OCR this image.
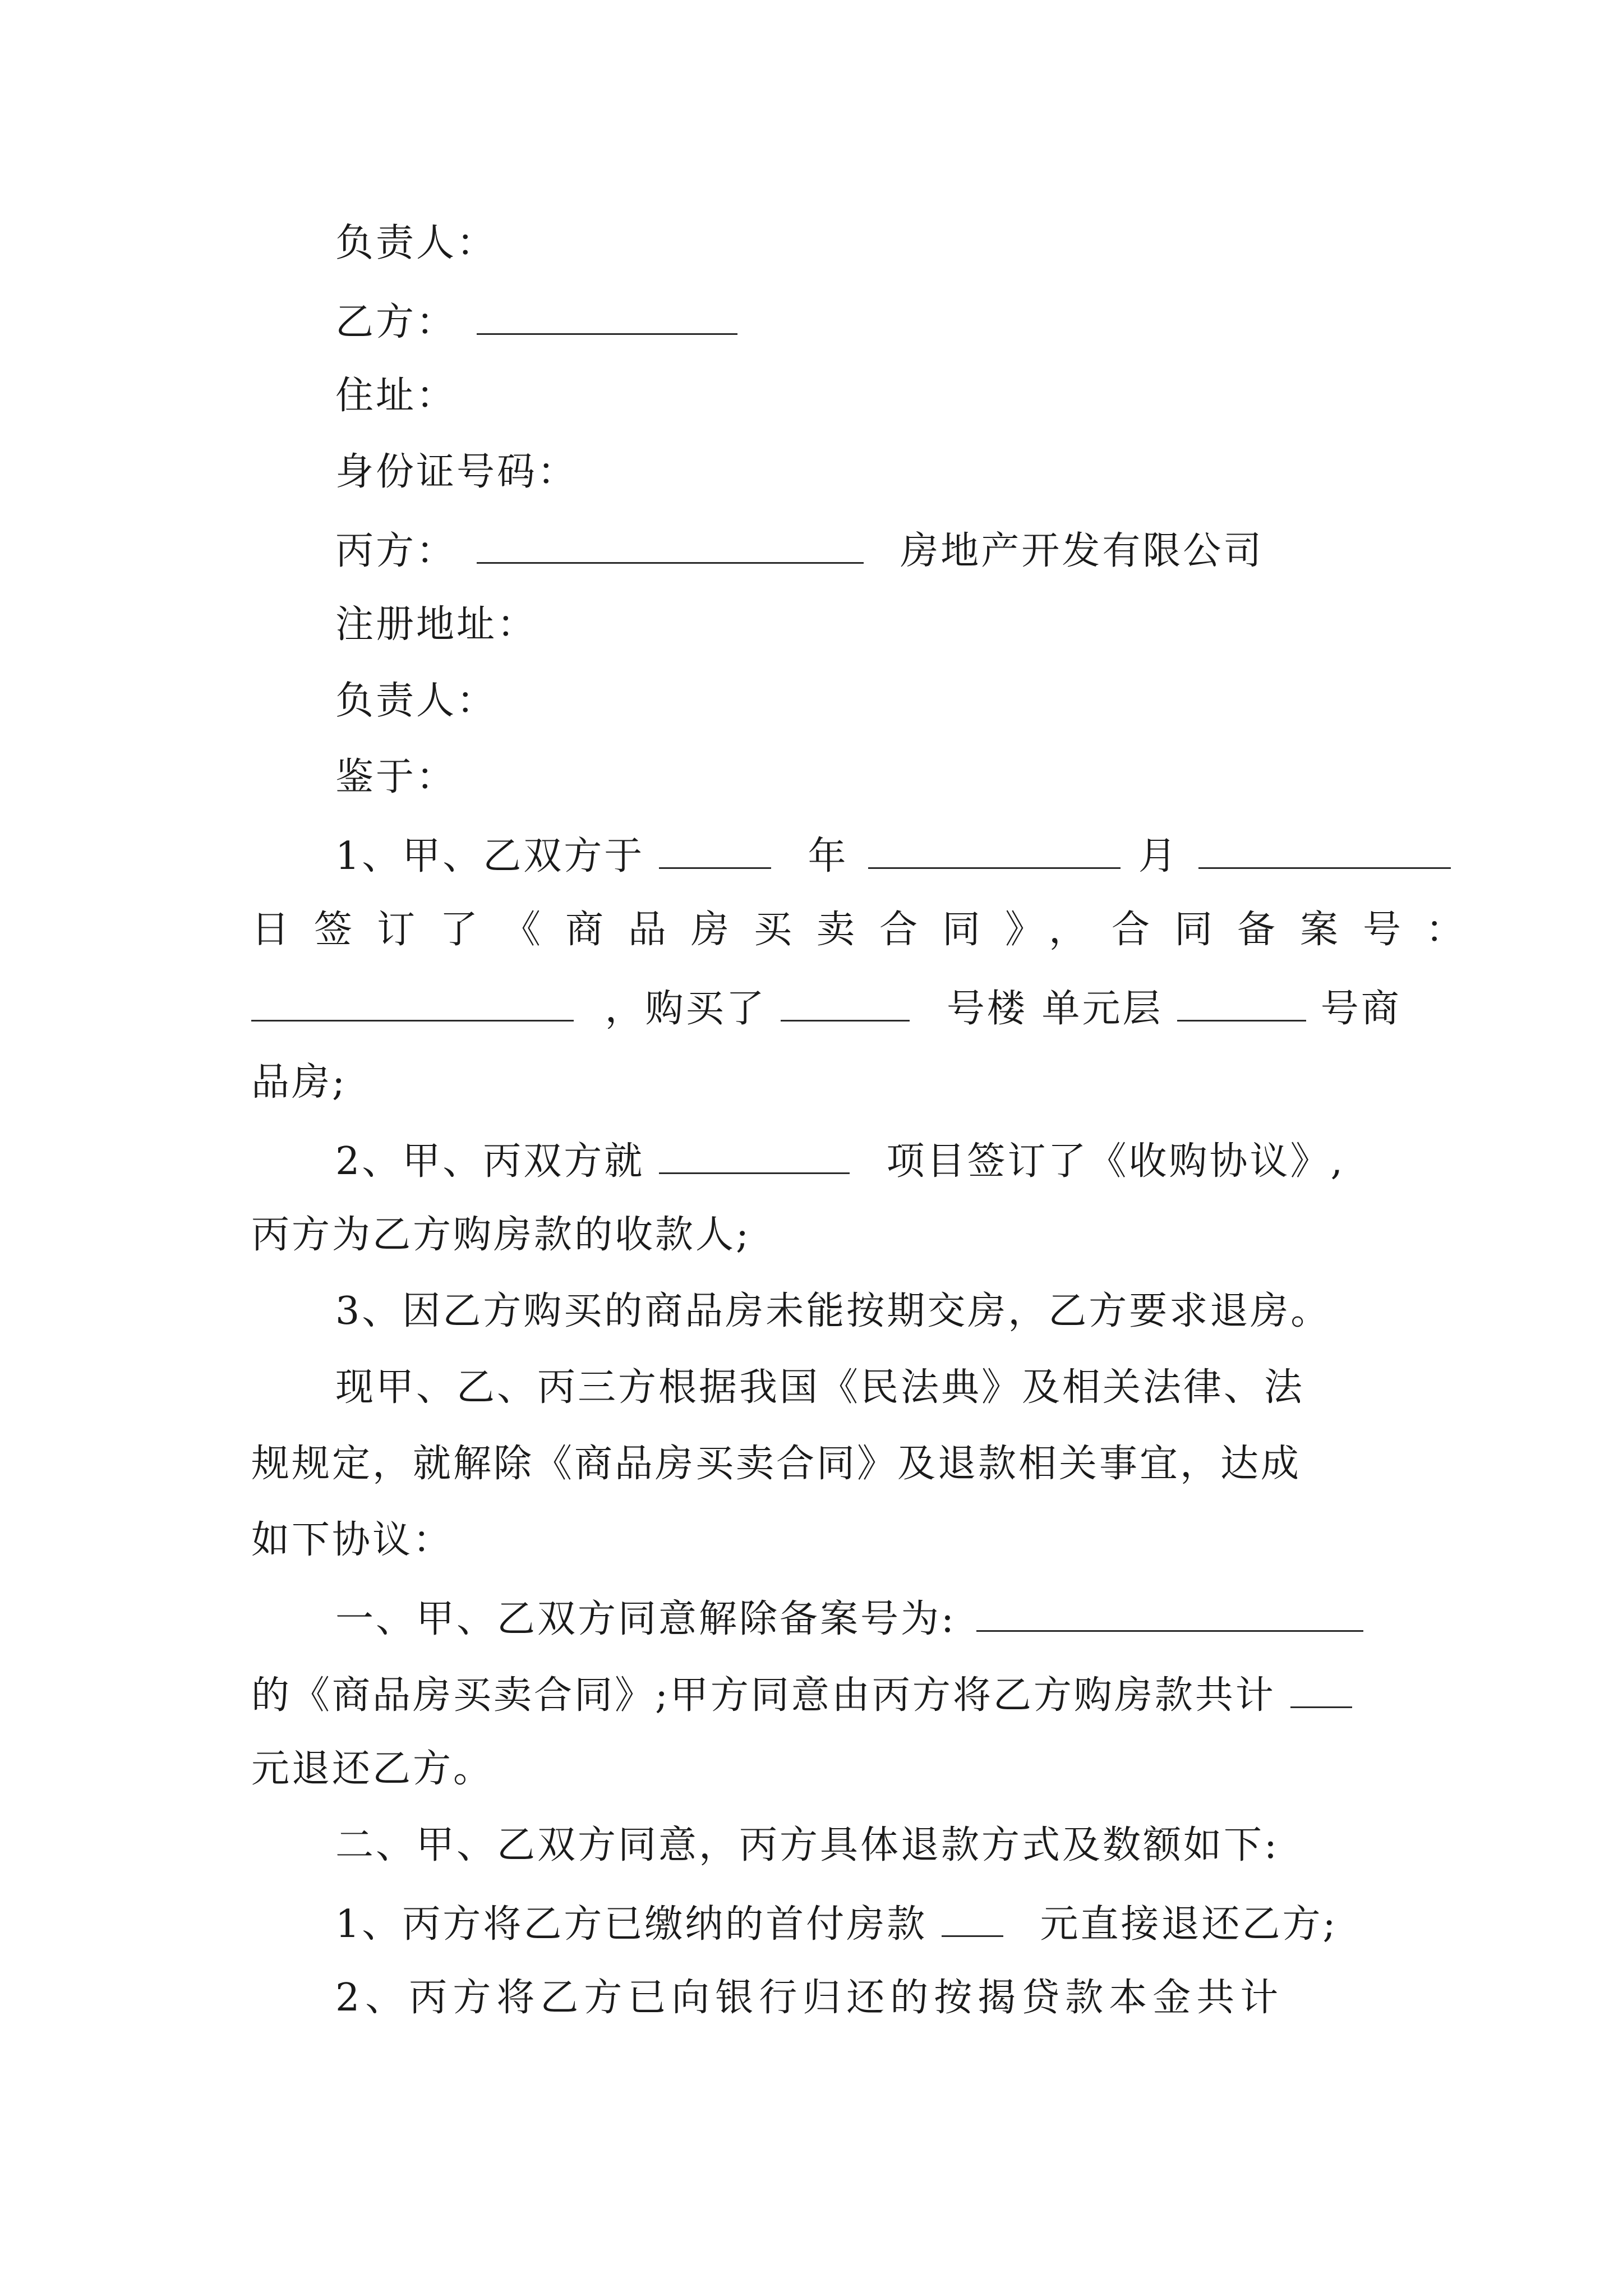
负责人：
乙方：
住址：
身份证号码：
丙方：	房地产开发有限公司
注册地址：
负责人：
鉴于：
1、甲、乙双方于	年	月
日签订了《商品房买卖合同》，合同备案号：
，购买了	号楼 单元层	号商
品房;
2、甲、丙双方就	项目签订了《收购协议》,
丙方为乙方购房款的收款人;
3、因乙方购买的商品房未能按期交房，乙方要求退房。
现甲、乙、丙三方根据我国《民法典》及相关法律、法
规规定，就解除《商品房买卖合同》及退款相关事宜，达成
如下协议：
一、甲、乙双方同意解除备案号为:
的《商品房买卖合同》;甲方同意由丙方将乙方购房款共计
元退还乙方。
二、甲、乙双方同意，丙方具体退款方式及数额如下:
1、丙方将乙方已缴纳的首付房款	元直接退还乙方;
2、丙方将乙方已向银行归还的按揭贷款本金共计
